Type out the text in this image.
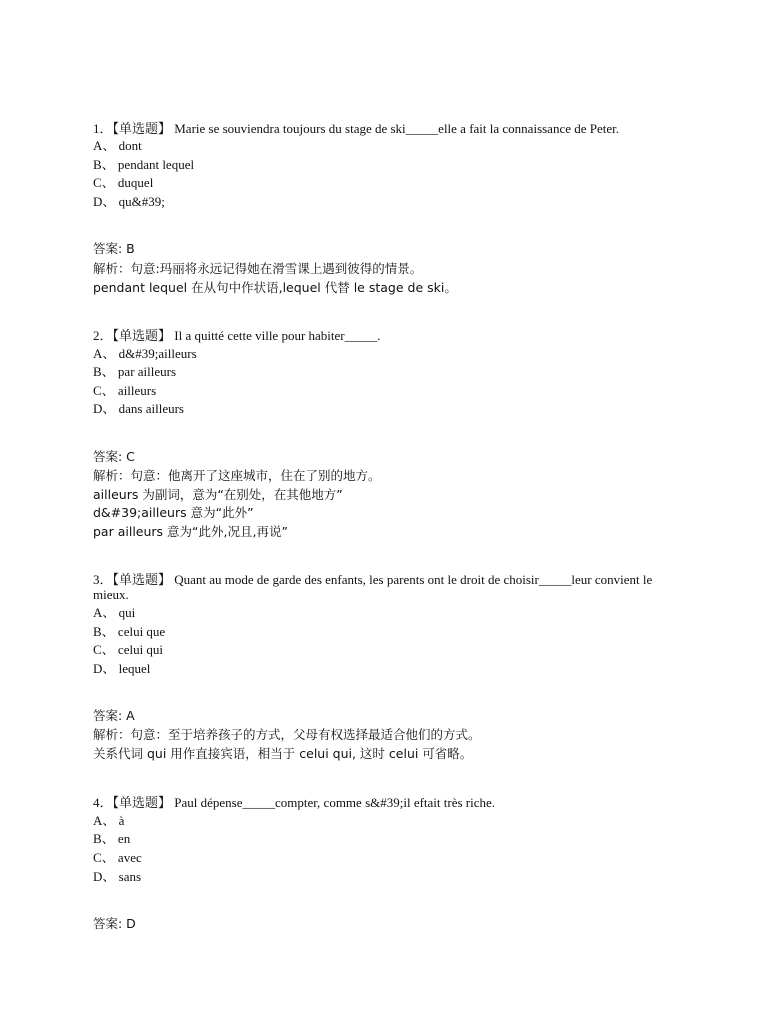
1．【单选题】 Marie se souviendra toujours du stage de ski_____elle a fait la connaissance de Peter.
A、 dont
B、 pendant lequel
C、 duquel
D、 qu&#39;
答案: B
解析：句意:玛丽将永远记得她在滑雪课上遇到彼得的情景。
pendant lequel 在从句中作状语,lequel 代替 le stage de ski。
2．【单选题】 Il a quitté cette ville pour habiter_____.
A、 d&#39;ailleurs
B、 par ailleurs
C、 ailleurs
D、 dans ailleurs
答案: C
解析：句意：他离开了这座城市，住在了别的地方。
ailleurs 为副词，意为“在别处，在其他地方”
d&#39;ailleurs 意为“此外”
par ailleurs 意为“此外,况且,再说”
3．【单选题】 Quant au mode de garde des enfants, les parents ont le droit de choisir_____leur convient le mieux.
A、 qui
B、 celui que
C、 celui qui
D、 lequel
答案: A
解析：句意：至于培养孩子的方式，父母有权选择最适合他们的方式。
关系代词 qui 用作直接宾语，相当于 celui qui, 这时 celui 可省略。
4．【单选题】 Paul dépense_____compter, comme s&#39;il eftait très riche.
A、 à
B、 en
C、 avec
D、 sans
答案: D
